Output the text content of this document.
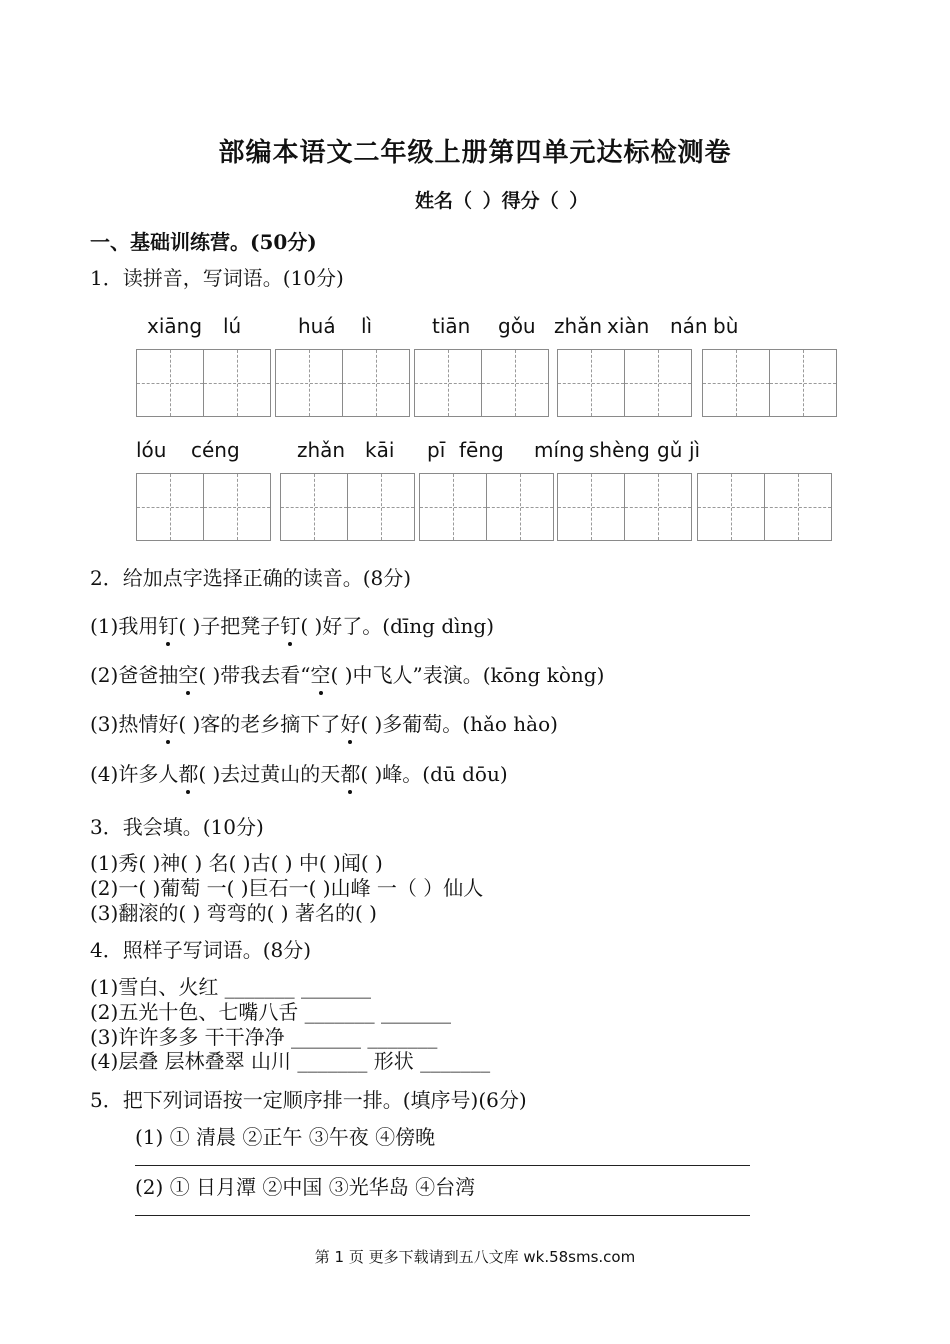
部编本语文二年级上册第四单元达标检测卷
姓名（ ）得分（ ）
一、基础训练营。(50分)
1．读拼音，写词语。(10分)
xiāng lú	huá lì	tiān gǒu zhǎn xiàn nán bù
lóu céng	zhǎn kāi pī fēng míng shèng gǔ jì
2．给加点字选择正确的读音。(8分)
(1)我用钉( )子把凳子钉( )好了。(dīng dìng)
(2)爸爸抽空( )带我去看“空( )中飞人”表演。(kōng kòng)
(3)热情好( )客的老乡摘下了好( )多葡萄。(hǎo hào)
(4)许多人都( )去过黄山的天都( )峰。(dū dōu)
3．我会填。(10分)
(1)秀( )神( ) 名( )古( ) 中( )闻( )
(2)一( )葡萄 一( )巨石一( )山峰 一（ ）仙人
(3)翻滚的( ) 弯弯的( ) 著名的( )
4．照样子写词语。(8分)
(1)雪白、火红 _______ _______
(2)五光十色、七嘴八舌 _______ _______
(3)许许多多 干干净净 _______ _______
(4)层叠 层林叠翠 山川 _______ 形状 _______
5．把下列词语按一定顺序排一排。(填序号)(6分)
(1) ① 清晨 ②正午 ③午夜 ④傍晚
(2) ① 日月潭 ②中国 ③光华岛 ④台湾
第 1 页 更多下载请到五八文库 wk.58sms.com
